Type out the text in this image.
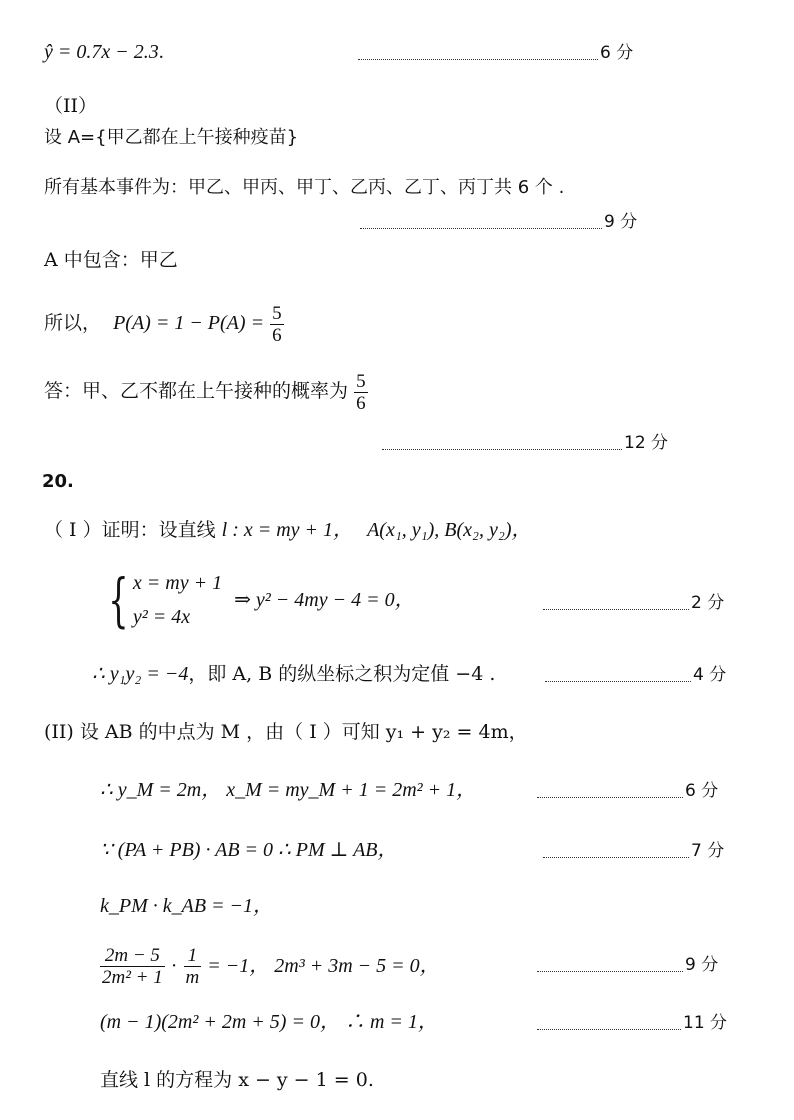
ŷ = 0.7x − 2.3.	6 分
（II）
设 A={甲乙都在上午接种疫苗}
所有基本事件为：甲乙、甲丙、甲丁、乙丙、乙丁、丙丁共 6 个 .
9 分
A 中包含：甲乙
所以， $P(A) = 1 - P(A) = \frac{5}{6}$
答：甲、乙不都在上午接种的概率为 $\frac{5}{6}$
12 分
20.
（ I ）证明：设直线 l : x = my + 1， A(x₁, y₁), B(x₂, y₂)，
{ x = my + 1
y² = 4x
⇒ y² − 4my − 4 = 0，	2 分
∴ y₁y₂ = −4，即 A, B 的纵坐标之积为定值 −4 .	4 分
(II) 设 AB 的中点为 M ，由（ I ）可知 y₁ + y₂ = 4m，
∴ y_M = 2m， x_M = my_M + 1 = 2m² + 1，	6 分
∵ (PA + PB) · AB = 0 ∴ PM ⊥ AB，	7 分
k_PM · k_AB = −1，
$\frac{2m - 5}{\text{2m² + 1}} \cdot \frac{1}{m} = -1$， 2m³ + 3m − 5 = 0，	9 分
(m − 1)(2m² + 2m + 5) = 0， ∴ m = 1，	11 分
直线 l 的方程为 x − y − 1 = 0.
